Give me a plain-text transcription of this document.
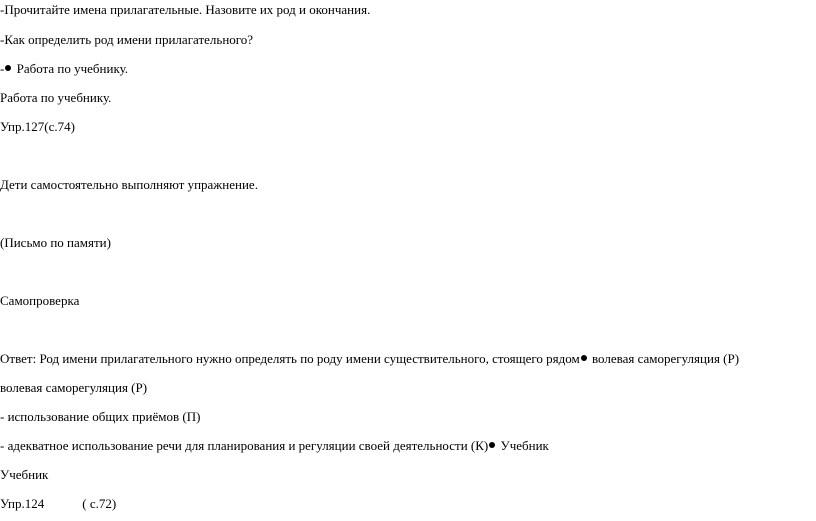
-Прочитайте имена прилагательные. Назовите их род и окончания.
-Как определить род имени прилагательного?
- Работа по учебнику.
Работа по учебнику.
Упр.127(с.74)
Дети самостоятельно выполняют упражнение.
(Письмо по памяти)
Самопроверка
Ответ: Род имени прилагательного нужно определять по роду имени существительного, стоящего рядом волевая саморегуляция (Р)
волевая саморегуляция (Р)
- использование общих приёмов (П)
- адекватное использование речи для планирования и регуляции своей деятельности (К) Учебник
Учебник
Упр.124	( с.72)
